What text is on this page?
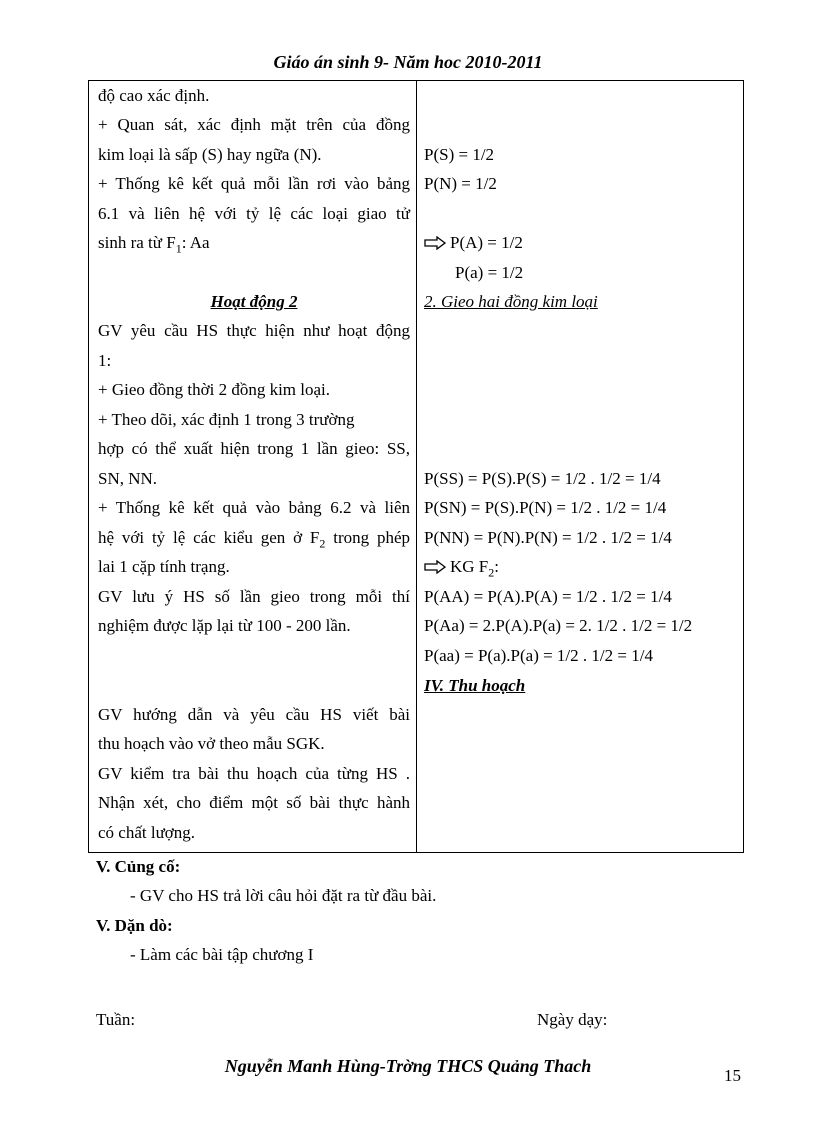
Giáo án sinh 9- Năm hoc 2010-2011
độ cao xác định.
+ Quan sát, xác định mặt trên của đồng
kim loại là sấp (S) hay ngữa (N).
+ Thống kê kết quả mỗi lần rơi vào bảng
6.1 và liên hệ với tỷ lệ các loại giao tử
sinh ra từ $F_1$: Aa
Hoạt động 2
GV yêu cầu HS thực hiện như hoạt động
1:
+ Gieo đồng thời 2 đồng kim loại.
+ Theo dõi, xác định 1 trong 3 trường
hợp có thể xuất hiện trong 1 lần gieo: SS,
SN, NN.
+ Thống kê kết quả vào bảng 6.2 và liên
hệ với tỷ lệ các kiểu gen ở $F_2$ trong phép
lai 1 cặp tính trạng.
GV lưu ý HS số lần gieo trong mỗi thí
nghiệm được lặp lại từ 100 - 200 lần.
GV hướng dẫn và yêu cầu HS viết bài
thu hoạch vào vở theo mẫu SGK.
GV kiểm tra bài thu hoạch của từng HS .
Nhận xét, cho điểm một số bài thực hành
có chất lượng.
P(S) = 1/2
P(N) = 1/2
P(A) = 1/2
P(a) = 1/2
2. Gieo hai đồng kim loại
P(SS) = P(S).P(S) = 1/2 . 1/2 = 1/4
P(SN) = P(S).P(N) = 1/2 . 1/2 = 1/4
P(NN) = P(N).P(N) = 1/2 . 1/2 = 1/4
KG $F_2$:
P(AA) = P(A).P(A) = 1/2 . 1/2 = 1/4
P(Aa) = 2.P(A).P(a) = 2. 1/2 . 1/2 = 1/2
P(aa) = P(a).P(a) = 1/2 . 1/2 = 1/4
IV. Thu hoạch
V. Củng cố:
- GV cho HS trả lời câu hỏi đặt ra từ đầu bài.
V. Dặn dò:
- Làm các bài tập chương I
Tuần:	Ngày dạy:
Nguyễn Manh Hùng-Trờng THCS Quảng Thach	15
